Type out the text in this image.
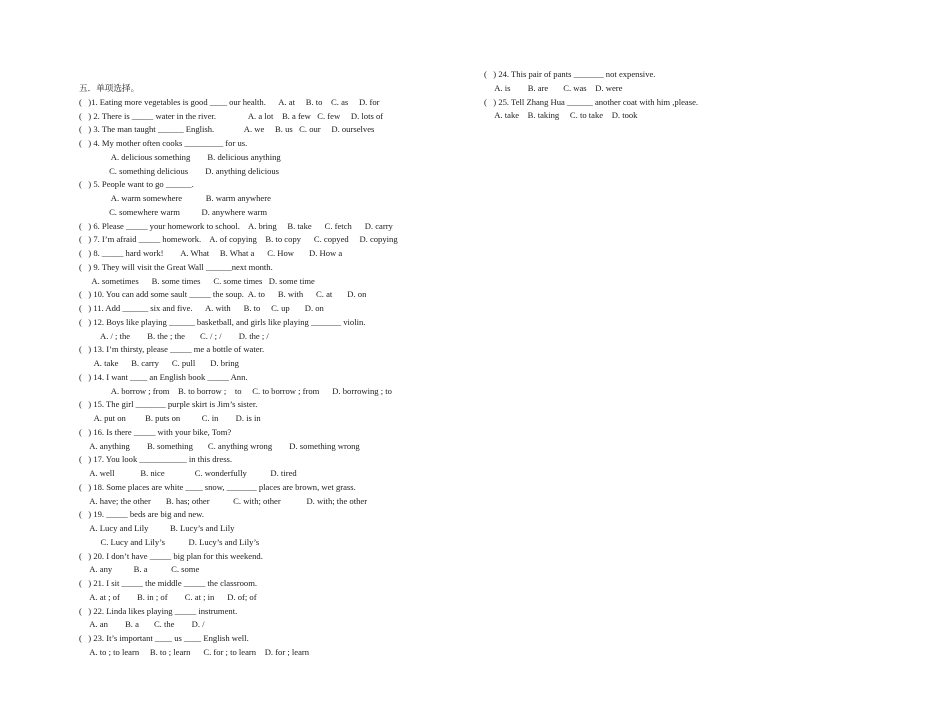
五．单项选择。
(   )1. Eating more vegetables is good ____ our health.      A. at     B. to    C. as     D. for
(   ) 2. There is _____ water in the river.               A. a lot    B. a few   C. few     D. lots of
(   ) 3. The man taught ______ English.              A. we     B. us   C. our     D. ourselves
(   ) 4. My mother often cooks _________ for us.
A. delicious something        B. delicious anything
C. something delicious        D. anything delicious
(   ) 5. People want to go ______.
A. warm somewhere           B. warm anywhere
C. somewhere warm          D. anywhere warm
(   ) 6. Please _____ your homework to school.    A. bring     B. take      C. fetch      D. carry
(   ) 7. I’m afraid _____ homework.    A. of copying    B. to copy      C. copyed     D. copying
(   ) 8. _____ hard work!        A. What     B. What a      C. How       D. How a
(   ) 9. They will visit the Great Wall ______next month.
A. sometimes      B. some times      C. some times   D. some time
(   ) 10. You can add some sault _____ the soup.  A. to      B. with      C. at       D. on
(   ) 11. Add ______ six and five.      A. with      B. to     C. up       D. on
(   ) 12. Boys like playing ______ basketball, and girls like playing _______ violin.
A. / ; the        B. the ; the       C. / ; /        D. the ; /
(   ) 13. I’m thirsty, please _____ me a bottle of water.
A. take      B. carry      C. pull       D. bring
(   ) 14. I want ____ an English book _____ Ann.
A. borrow ; from    B. to borrow ;    to     C. to borrow ; from      D. borrowing ; to
(   ) 15. The girl _______ purple skirt is Jim’s sister.
A. put on         B. puts on          C. in        D. is in
(   ) 16. Is there _____ with your bike, Tom?
A. anything        B. something       C. anything wrong        D. something wrong
(   ) 17. You look ___________ in this dress.
A. well            B. nice              C. wonderfully           D. tired
(   ) 18. Some places are white ____ snow, _______ places are brown, wet grass.
A. have; the other       B. has; other           C. with; other            D. with; the other
(   ) 19. _____ beds are big and new.
A. Lucy and Lily          B. Lucy’s and Lily
C. Lucy and Lily’s           D. Lucy’s and Lily’s
(   ) 20. I don’t have _____ big plan for this weekend.
A. any          B. a           C. some
(   ) 21. I sit _____ the middle _____ the classroom.
A. at ; of        B. in ; of        C. at ; in      D. of; of
(   ) 22. Linda likes playing _____ instrument.
A. an        B. a       C. the        D. /
(   ) 23. It’s important ____ us ____ English well.
A. to ; to learn     B. to ; learn      C. for ; to learn    D. for ; learn
(   ) 24. This pair of pants _______ not expensive.
A. is        B. are       C. was    D. were
(   ) 25. Tell Zhang Hua ______ another coat with him ,please.
A. take    B. taking     C. to take    D. took
